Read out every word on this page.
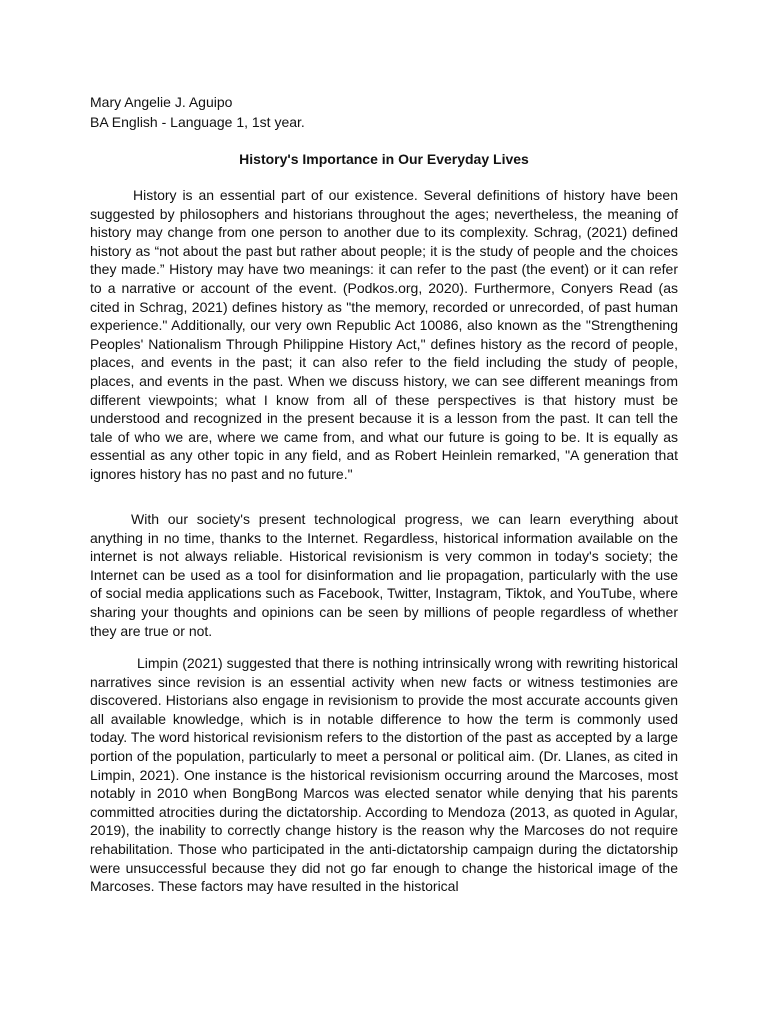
Mary Angelie J. Aguipo
BA English - Language 1, 1st year.
History's Importance in Our Everyday Lives

History is an essential part of our existence. Several definitions of history have been suggested by philosophers and historians throughout the ages; nevertheless, the meaning of history may change from one person to another due to its complexity. Schrag, (2021) defined history as “not about the past but rather about people; it is the study of people and the choices they made.” History may have two meanings: it can refer to the past (the event) or it can refer to a narrative or account of the event. (Podkos.org, 2020). Furthermore, Conyers Read (as cited in Schrag, 2021) defines history as "the memory, recorded or unrecorded, of past human experience." Additionally, our very own Republic Act 10086, also known as the "Strengthening Peoples' Nationalism Through Philippine History Act," defines history as the record of people, places, and events in the past; it can also refer to the field including the study of people, places, and events in the past. When we discuss history, we can see different meanings from different viewpoints; what I know from all of these perspectives is that history must be understood and recognized in the present because it is a lesson from the past. It can tell the tale of who we are, where we came from, and what our future is going to be. It is equally as essential as any other topic in any field, and as Robert Heinlein remarked, "A generation that ignores history has no past and no future."

With our society's present technological progress, we can learn everything about anything in no time, thanks to the Internet. Regardless, historical information available on the internet is not always reliable. Historical revisionism is very common in today's society; the Internet can be used as a tool for disinformation and lie propagation, particularly with the use of social media applications such as Facebook, Twitter, Instagram, Tiktok, and YouTube, where sharing your thoughts and opinions can be seen by millions of people regardless of whether they are true or not.

Limpin (2021) suggested that there is nothing intrinsically wrong with rewriting historical narratives since revision is an essential activity when new facts or witness testimonies are discovered. Historians also engage in revisionism to provide the most accurate accounts given all available knowledge, which is in notable difference to how the term is commonly used today. The word historical revisionism refers to the distortion of the past as accepted by a large portion of the population, particularly to meet a personal or political aim. (Dr. Llanes, as cited in Limpin, 2021). One instance is the historical revisionism occurring around the Marcoses, most notably in 2010 when BongBong Marcos was elected senator while denying that his parents committed atrocities during the dictatorship. According to Mendoza (2013, as quoted in Agular, 2019), the inability to correctly change history is the reason why the Marcoses do not require rehabilitation. Those who participated in the anti-dictatorship campaign during the dictatorship were unsuccessful because they did not go far enough to change the historical image of the Marcoses. These factors may have resulted in the historical
